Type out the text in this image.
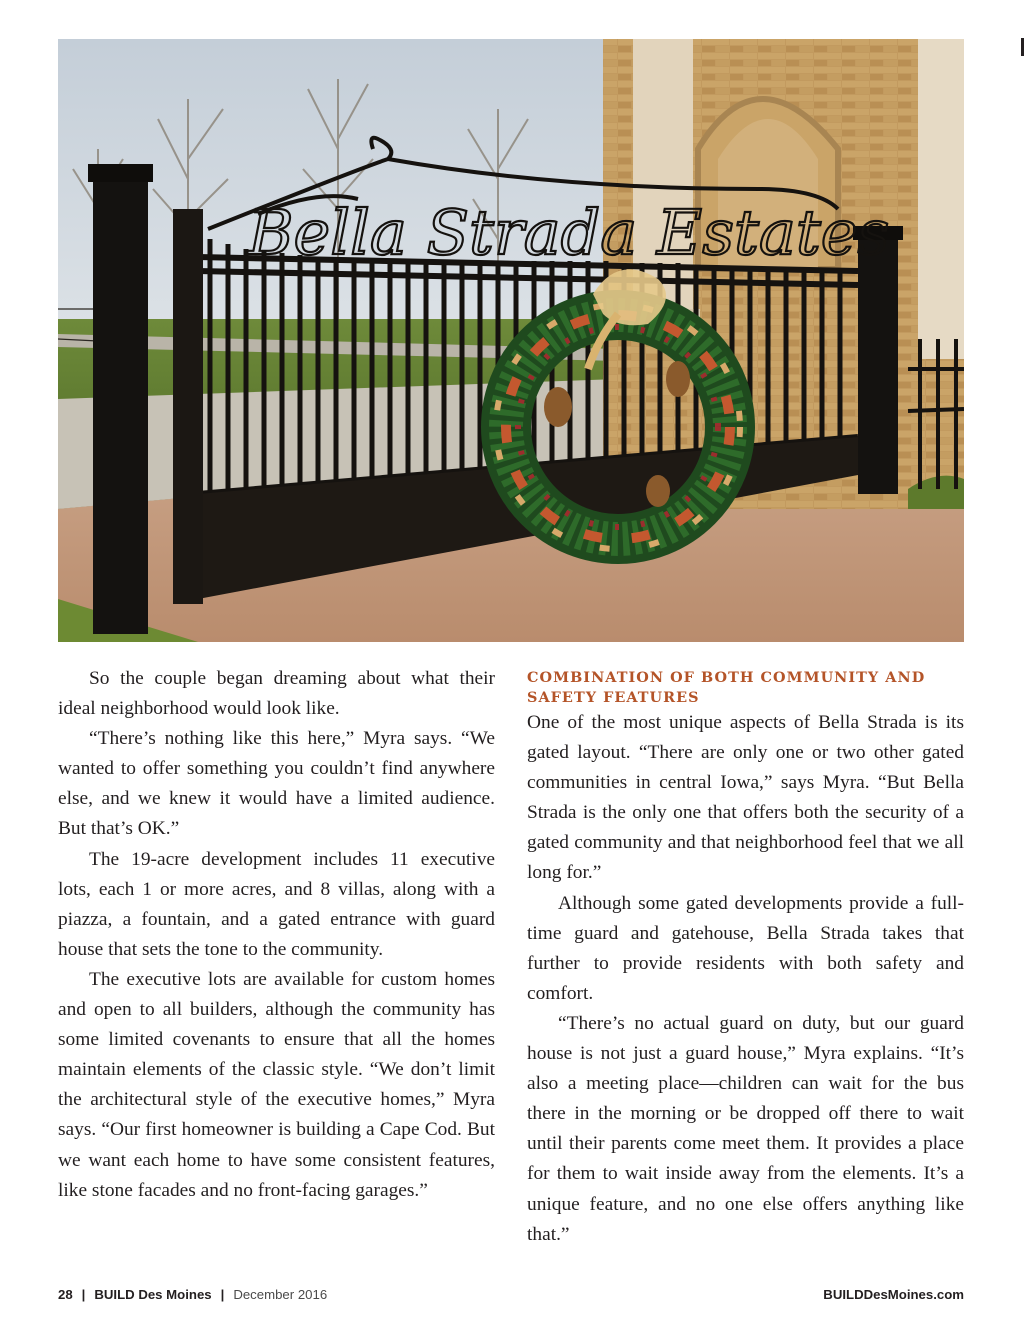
Bella Strada Estates

So the couple began dreaming about what their ideal neighborhood would look like.

“There’s nothing like this here,” Myra says. “We wanted to offer something you couldn’t find anywhere else, and we knew it would have a limited audience. But that’s OK.”

The 19-acre development includes 11 executive lots, each 1 or more acres, and 8 villas, along with a piazza, a fountain, and a gated entrance with guard house that sets the tone to the community.

The executive lots are available for custom homes and open to all builders, although the community has some limited covenants to ensure that all the homes maintain elements of the classic style. “We don’t limit the architectural style of the executive homes,” Myra says. “Our first homeowner is building a Cape Cod. But we want each home to have some consistent features, like stone facades and no front-facing garages.”

COMBINATION OF BOTH COMMUNITY AND SAFETY FEATURES

One of the most unique aspects of Bella Strada is its gated layout. “There are only one or two other gated communities in central Iowa,” says Myra. “But Bella Strada is the only one that offers both the security of a gated community and that neighborhood feel that we all long for.”

Although some gated developments provide a full-time guard and gatehouse, Bella Strada takes that further to provide residents with both safety and comfort.

“There’s no actual guard on duty, but our guard house is not just a guard house,” Myra explains. “It’s also a meeting place—children can wait for the bus there in the morning or be dropped off there to wait until their parents come meet them. It provides a place for them to wait inside away from the elements. It’s a unique feature, and no one else offers anything like that.”

28 | BUILD Des Moines | December 2016	BUILDDesMoines.com
